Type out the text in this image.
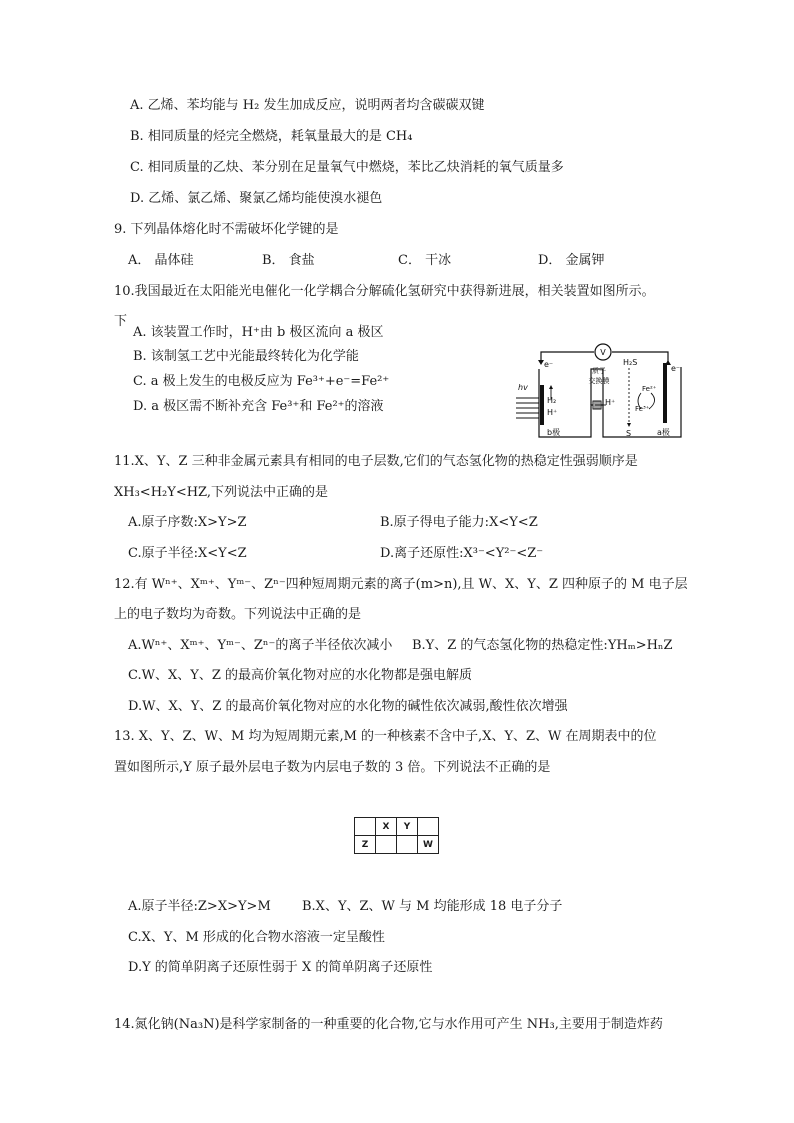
A. 乙烯、苯均能与 H₂ 发生加成反应，说明两者均含碳碳双键
B. 相同质量的烃完全燃烧，耗氧量最大的是 CH₄
C. 相同质量的乙炔、苯分别在足量氧气中燃烧，苯比乙炔消耗的氧气质量多
D. 乙烯、氯乙烯、聚氯乙烯均能使溴水褪色
9. 下列晶体熔化时不需破坏化学键的是
A． 晶体硅	B． 食盐	C． 干冰	D． 金属钾
10.我国最近在太阳能光电催化一化学耦合分解硫化氢研究中获得新进展，相关装置如图所示。
下
A. 该装置工作时，H⁺由 b 极区流向 a 极区
B. 该制氢工艺中光能最终转化为化学能
C. a 极上发生的电极反应为 Fe³⁺+e⁻=Fe²⁺
D. a 极区需不断补充含 Fe³⁺和 Fe²⁺的溶液
V
e⁻	e⁻
质子
交换膜
hv
H₂
H⁺
b极
H⁺
H₂S
S
Fe²⁺
Fe³⁺
a极
11.X、Y、Z 三种非金属元素具有相同的电子层数,它们的气态氢化物的热稳定性强弱顺序是
XH₃<H₂Y<HZ,下列说法中正确的是
A.原子序数:X>Y>Z	B.原子得电子能力:X<Y<Z
C.原子半径:X<Y<Z	D.离子还原性:X³⁻<Y²⁻<Z⁻
12.有 Wⁿ⁺、Xᵐ⁺、Yᵐ⁻、Zⁿ⁻四种短周期元素的离子(m>n),且 W、X、Y、Z 四种原子的 M 电子层
上的电子数均为奇数。下列说法中正确的是
A.Wⁿ⁺、Xᵐ⁺、Yᵐ⁻、Zⁿ⁻的离子半径依次减小 B.Y、Z 的气态氢化物的热稳定性:YHₘ>HₙZ
C.W、X、Y、Z 的最高价氧化物对应的水化物都是强电解质
D.W、X、Y、Z 的最高价氧化物对应的水化物的碱性依次减弱,酸性依次增强
13. X、Y、Z、W、M 均为短周期元素,M 的一种核素不含中子,X、Y、Z、W 在周期表中的位
置如图所示,Y 原子最外层电子数为内层电子数的 3 倍。下列说法不正确的是
	X	Y	
Z			W
A.原子半径:Z>X>Y>M B.X、Y、Z、W 与 M 均能形成 18 电子分子
C.X、Y、M 形成的化合物水溶液一定呈酸性
D.Y 的简单阴离子还原性弱于 X 的简单阴离子还原性
14.氮化钠(Na₃N)是科学家制备的一种重要的化合物,它与水作用可产生 NH₃,主要用于制造炸药
